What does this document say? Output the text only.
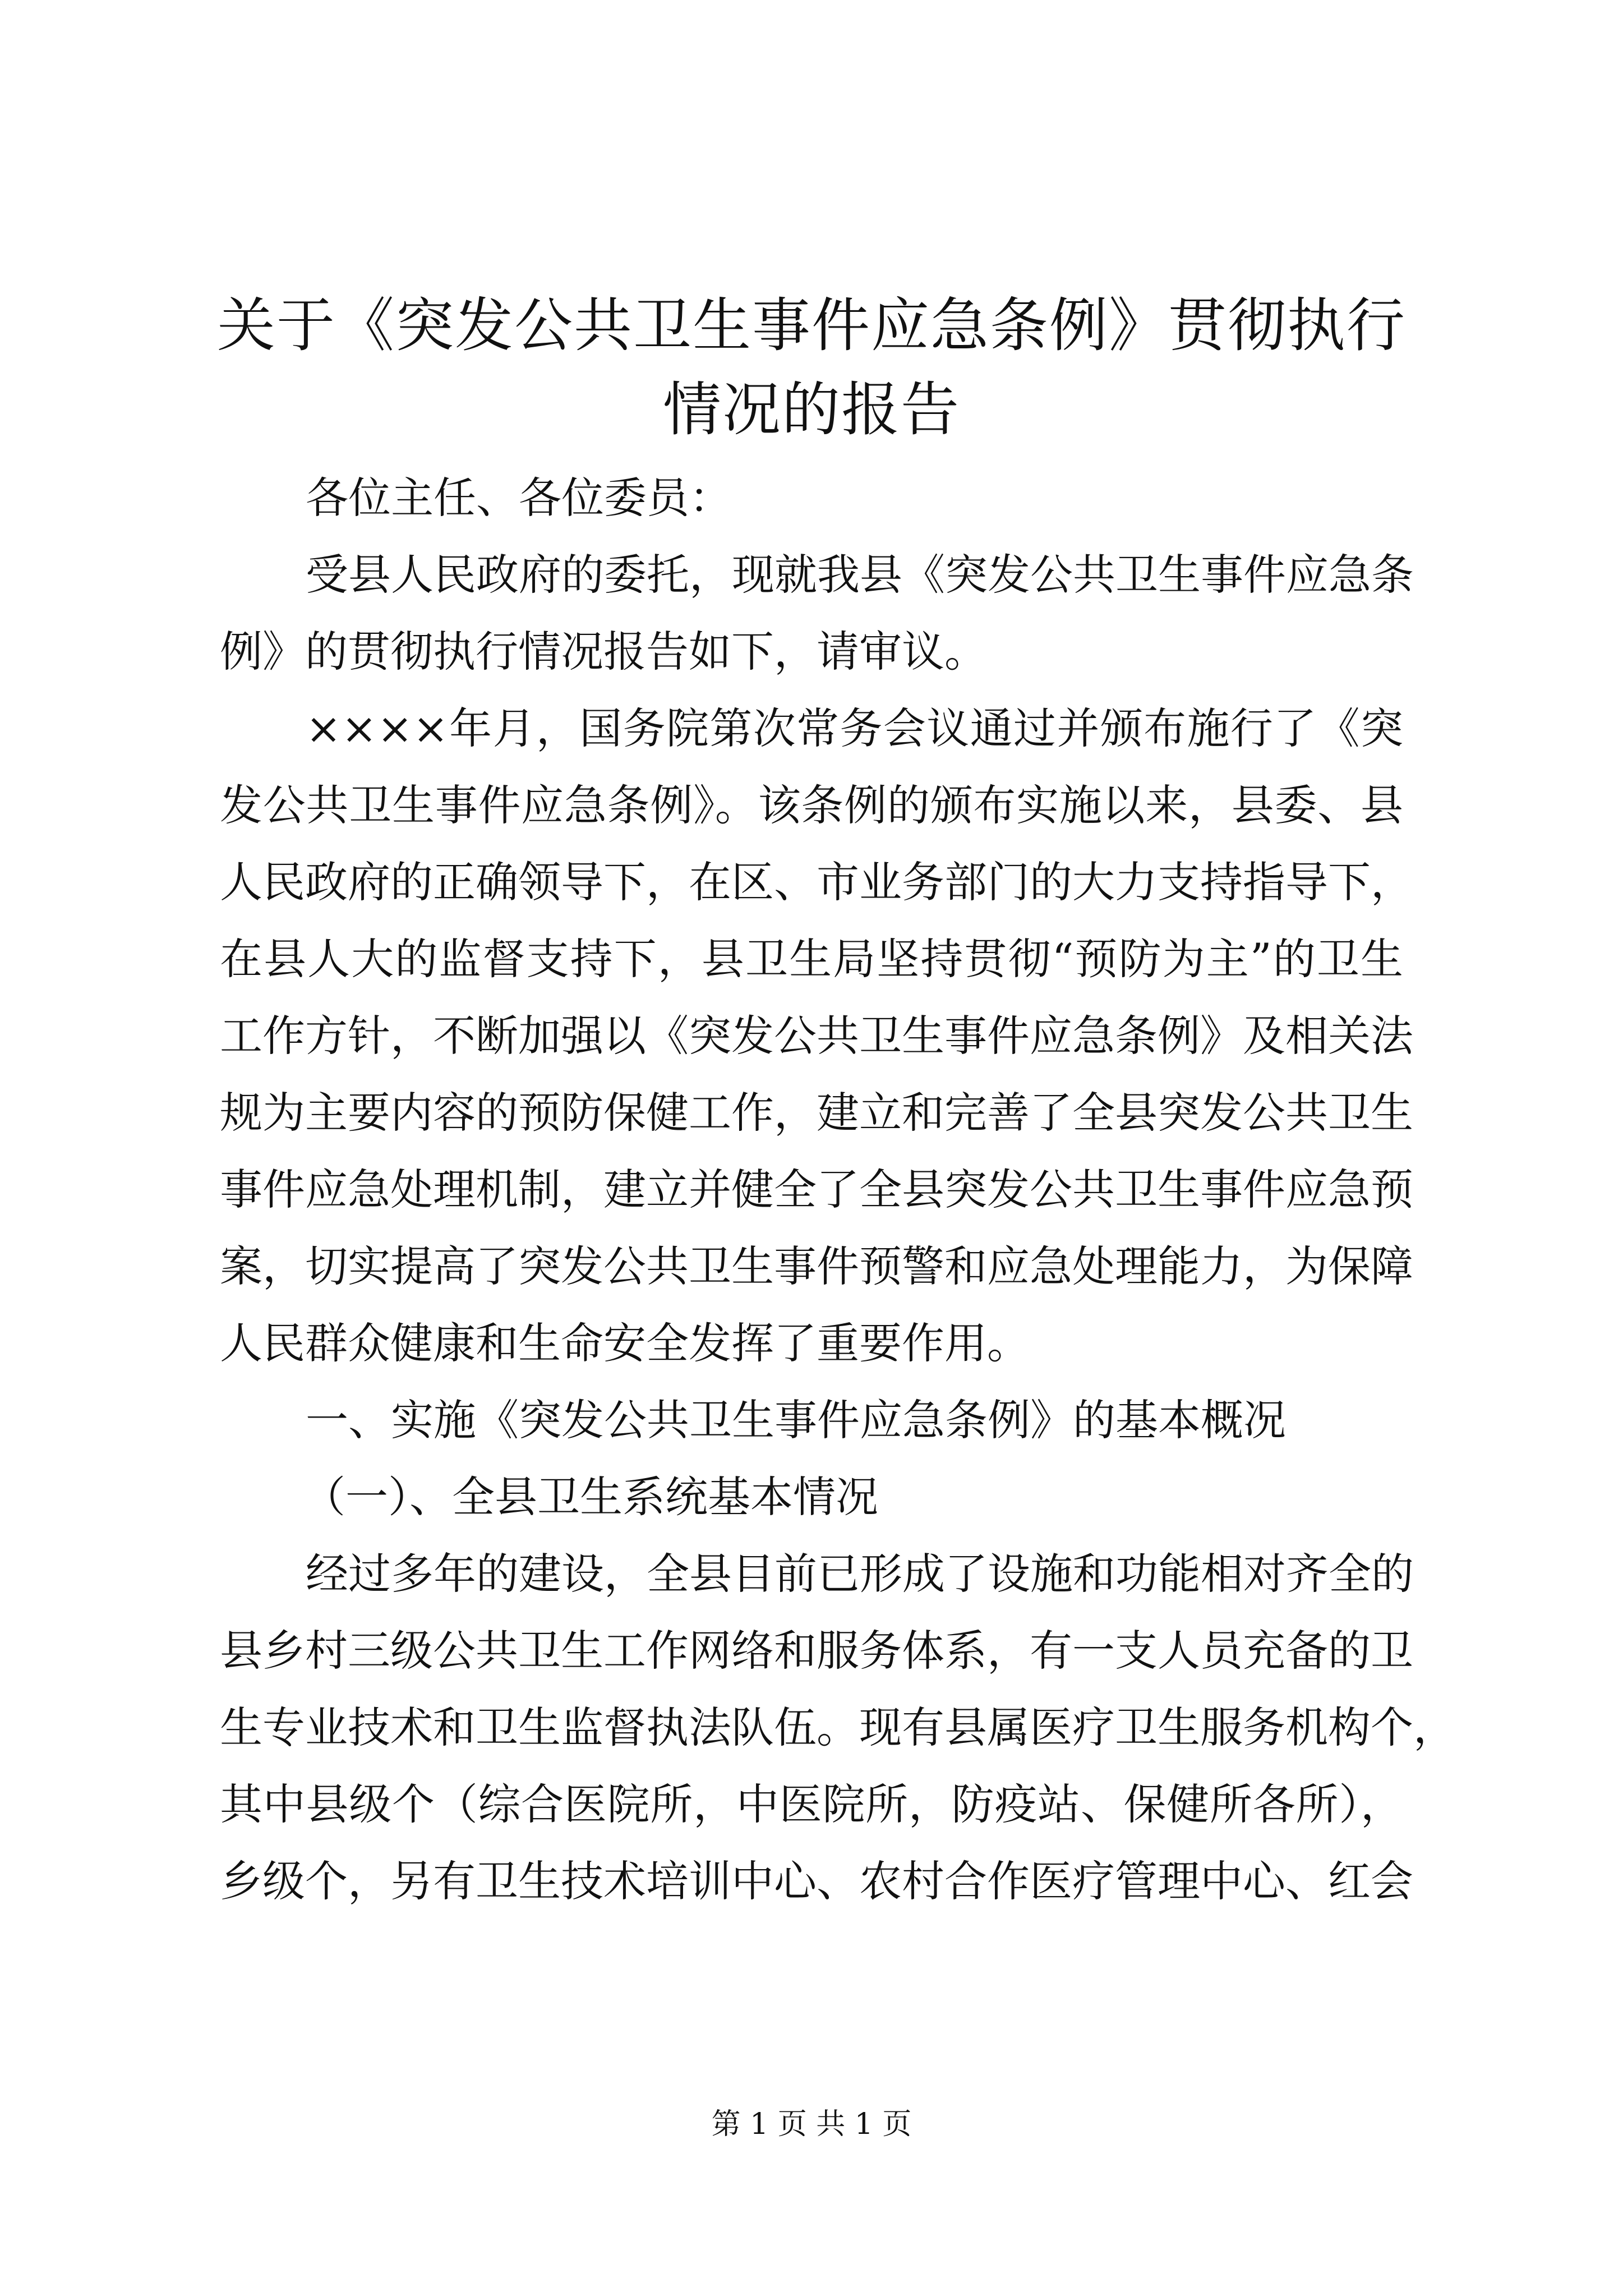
关于《突发公共卫生事件应急条例》贯彻执行
情况的报告
各位主任、各位委员：
受县人民政府的委托，现就我县《突发公共卫生事件应急条
例》的贯彻执行情况报告如下，请审议。
××××年月，国务院第次常务会议通过并颁布施行了《突
发公共卫生事件应急条例》。该条例的颁布实施以来，县委、县
人民政府的正确领导下，在区、市业务部门的大力支持指导下，
在县人大的监督支持下，县卫生局坚持贯彻“预防为主”的卫生
工作方针，不断加强以《突发公共卫生事件应急条例》及相关法
规为主要内容的预防保健工作，建立和完善了全县突发公共卫生
事件应急处理机制，建立并健全了全县突发公共卫生事件应急预
案，切实提高了突发公共卫生事件预警和应急处理能力，为保障
人民群众健康和生命安全发挥了重要作用。
一、实施《突发公共卫生事件应急条例》的基本概况
（一）、全县卫生系统基本情况
经过多年的建设，全县目前已形成了设施和功能相对齐全的
县乡村三级公共卫生工作网络和服务体系，有一支人员充备的卫
生专业技术和卫生监督执法队伍。现有县属医疗卫生服务机构个，
其中县级个（综合医院所，中医院所，防疫站、保健所各所），
乡级个，另有卫生技术培训中心、农村合作医疗管理中心、红会
第 1 页 共 1 页
